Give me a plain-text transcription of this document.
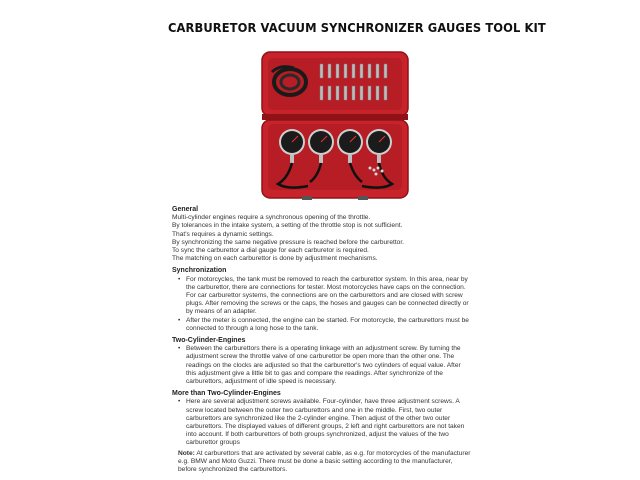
CARBURETOR VACUUM SYNCHRONIZER GAUGES TOOL KIT

General

Multi-cylinder engines require a synchronous opening of the throttle.

By tolerances in the intake system, a setting of the throttle stop is not sufficient.

That's requires a dynamic settings.

By synchronizing the same negative pressure is reached before the carburettor.

To sync the carburettor a dial gauge for each carburetor is required.

The matching on each carburettor is done by adjustment mechanisms.

Synchronization

• For motorcycles, the tank must be removed to reach the carburettor system. In this area, near by the carburettor, there are connections for tester. Most motorcycles have caps on the connection. For car carburettor systems, the connections are on the carburettors and are closed with screw plugs. After removing the screws or the caps, the hoses and gauges can be connected directly or by means of an adapter.
• After the meter is connected, the engine can be started. For motorcycle, the carburettors must be connected to through a long hose to the tank.

Two-Cylinder-Engines

• Between the carburettors there is a operating linkage with an adjustment screw. By turning the adjustment screw the throttle valve of one carburettor be open more than the other one. The readings on the clocks are adjusted so that the carburettor's two cylinders of equal value. After this adjustment give a little bit to gas and compare the readings. After synchronize of the carburettors, adjustment of idle speed is necessary.

More than Two-Cylinder-Engines

• Here are several adjustment screws available. Four-cylinder, have three adjustment screws. A screw located between the outer two carburettors and one in the middle. First, two outer carburettors are synchronized like the 2-cylinder engine. Then adjust of the other two outer carburettors. The displayed values of different groups, 2 left and right carburettors are not taken into account. If both carburettors of both groups synchronized, adjust the values of the two carburettor groups

Note: At carburettors that are activated by several cable, as e.g. for motorcycles of the manufacturer e.g. BMW and Moto Guzzi. There must be done a basic setting according to the manufacturer, before synchronized the carburettors.
